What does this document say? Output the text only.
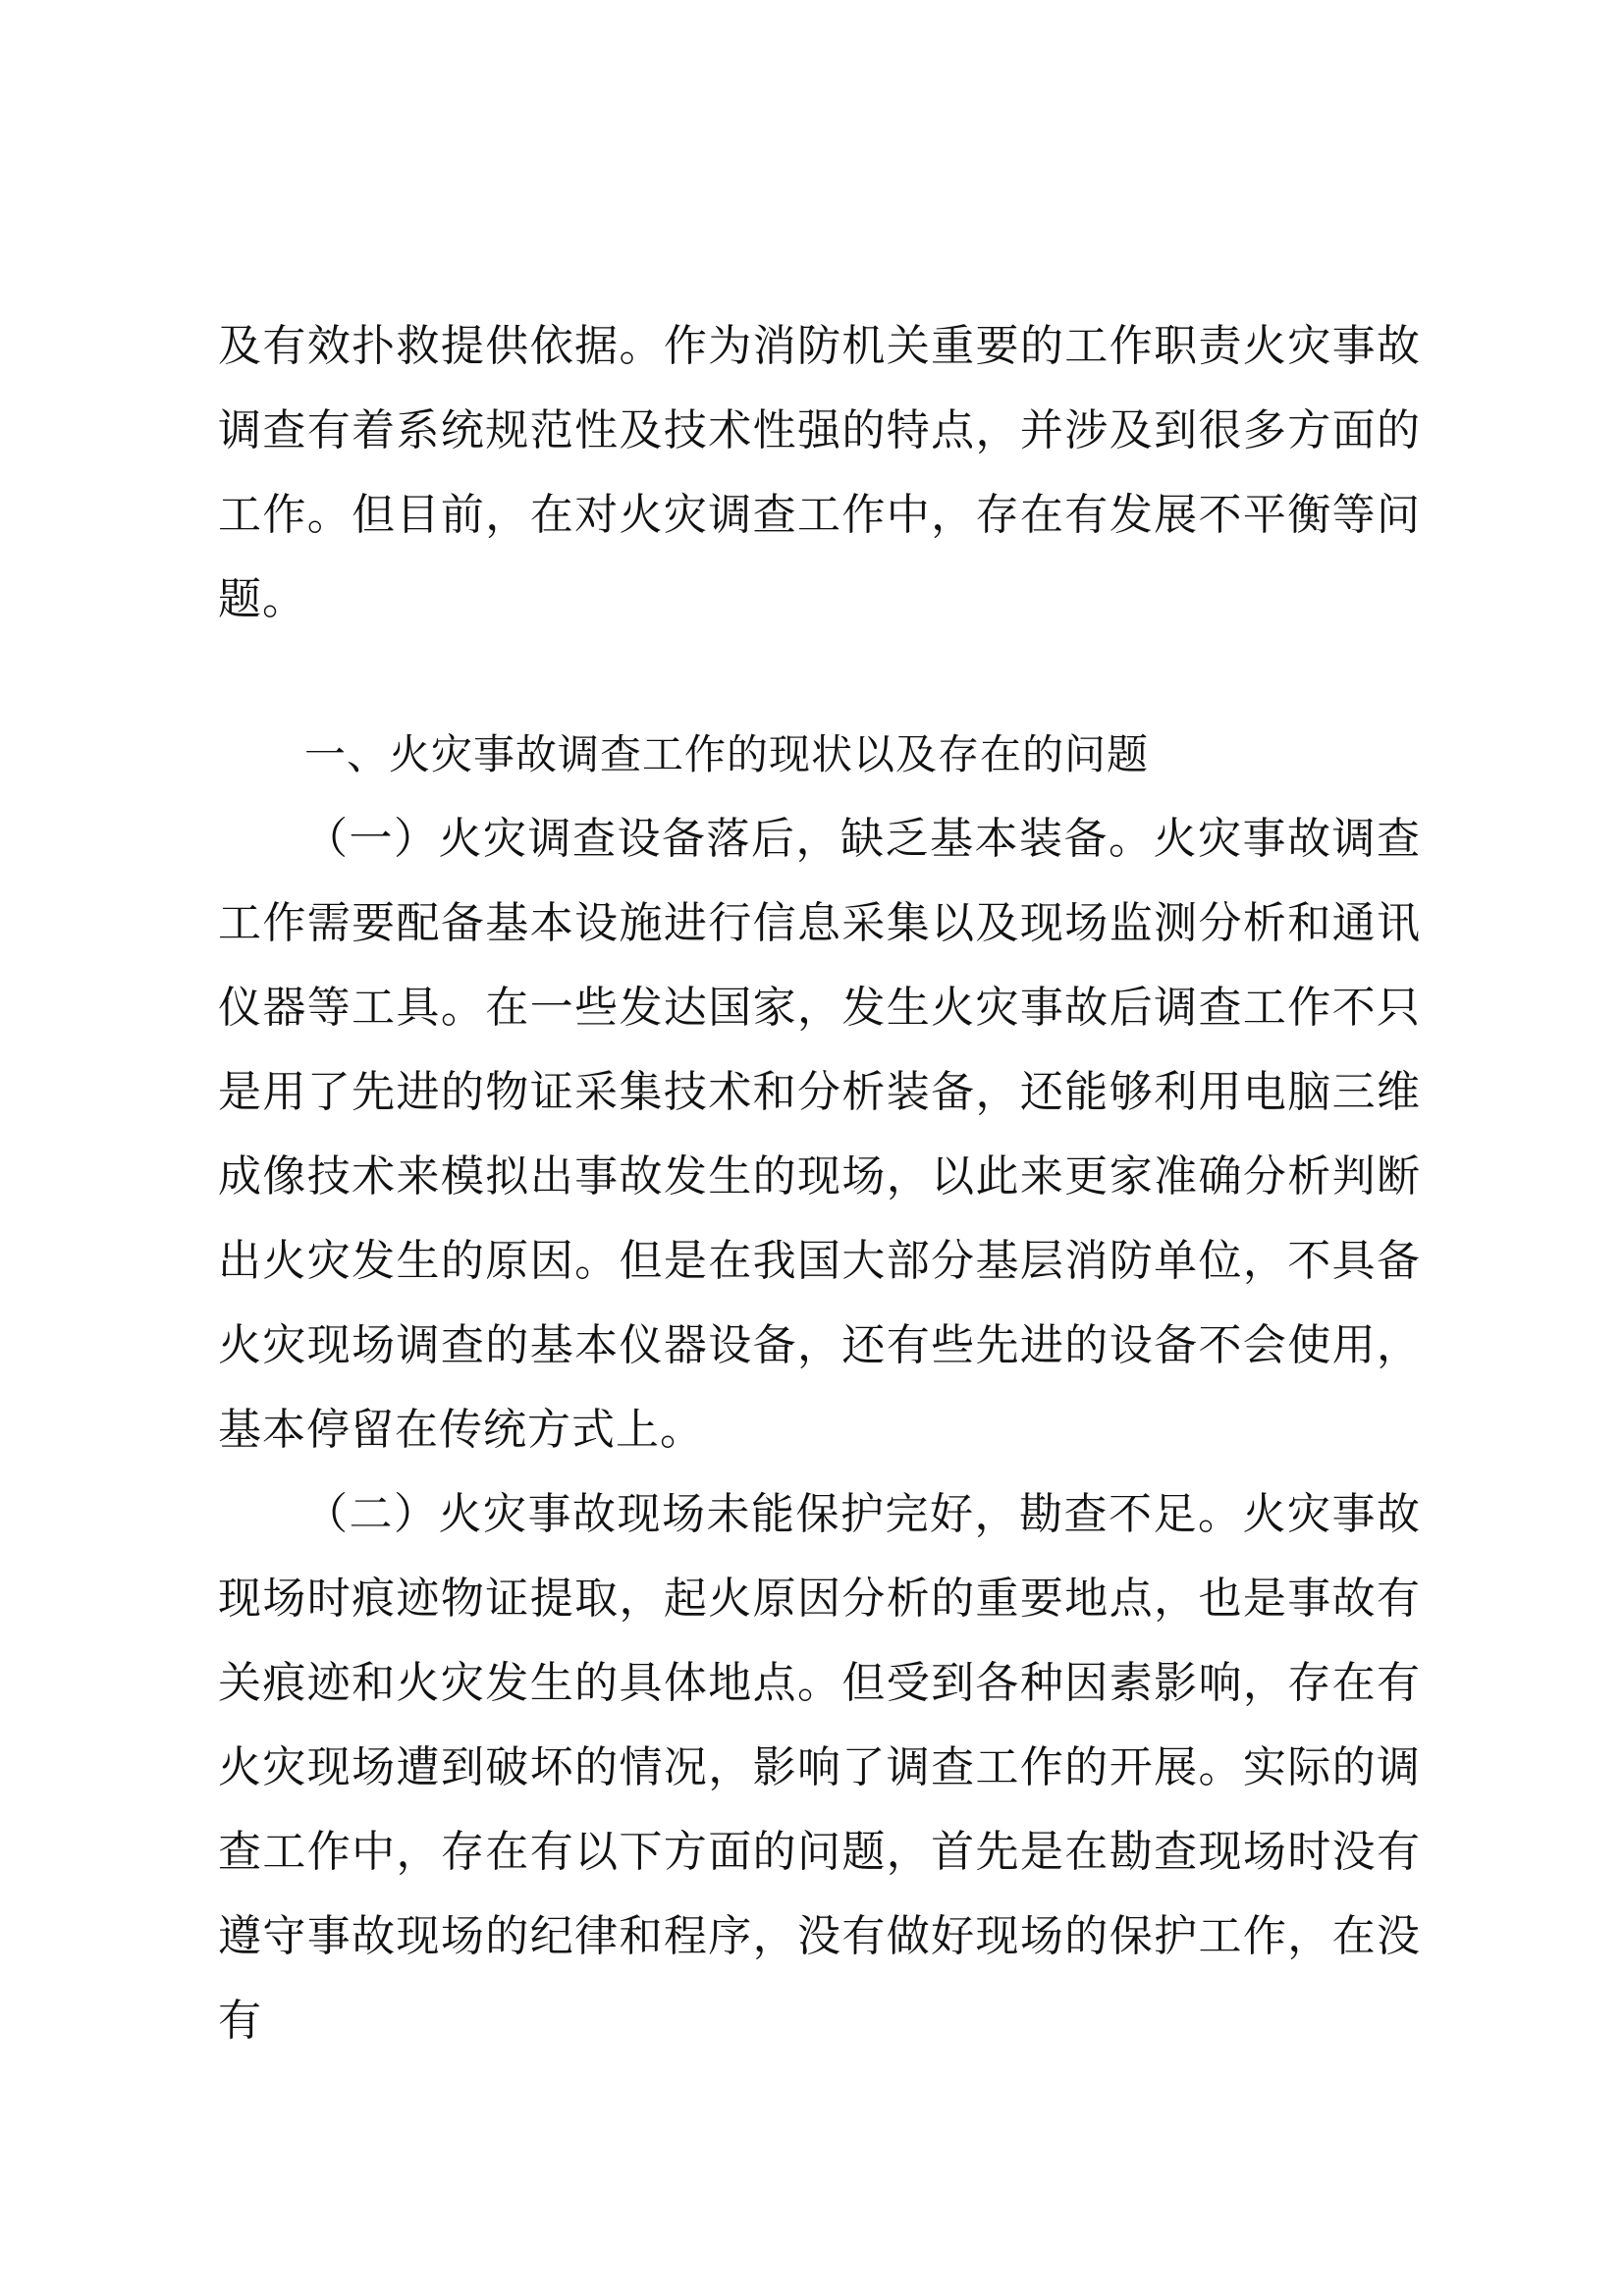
及有效扑救提供依据。作为消防机关重要的工作职责火灾事故调查有着系统规范性及技术性强的特点，并涉及到很多方面的工作。但目前，在对火灾调查工作中，存在有发展不平衡等问题。

一、火灾事故调查工作的现状以及存在的问题

（一）火灾调查设备落后，缺乏基本装备。火灾事故调查工作需要配备基本设施进行信息采集以及现场监测分析和通讯仪器等工具。在一些发达国家，发生火灾事故后调查工作不只是用了先进的物证采集技术和分析装备，还能够利用电脑三维成像技术来模拟出事故发生的现场，以此来更家准确分析判断出火灾发生的原因。但是在我国大部分基层消防单位，不具备火灾现场调查的基本仪器设备，还有些先进的设备不会使用，基本停留在传统方式上。

（二）火灾事故现场未能保护完好，勘查不足。火灾事故现场时痕迹物证提取，起火原因分析的重要地点，也是事故有关痕迹和火灾发生的具体地点。但受到各种因素影响，存在有火灾现场遭到破坏的情况，影响了调查工作的开展。实际的调查工作中，存在有以下方面的问题，首先是在勘查现场时没有遵守事故现场的纪律和程序，没有做好现场的保护工作，在没有
